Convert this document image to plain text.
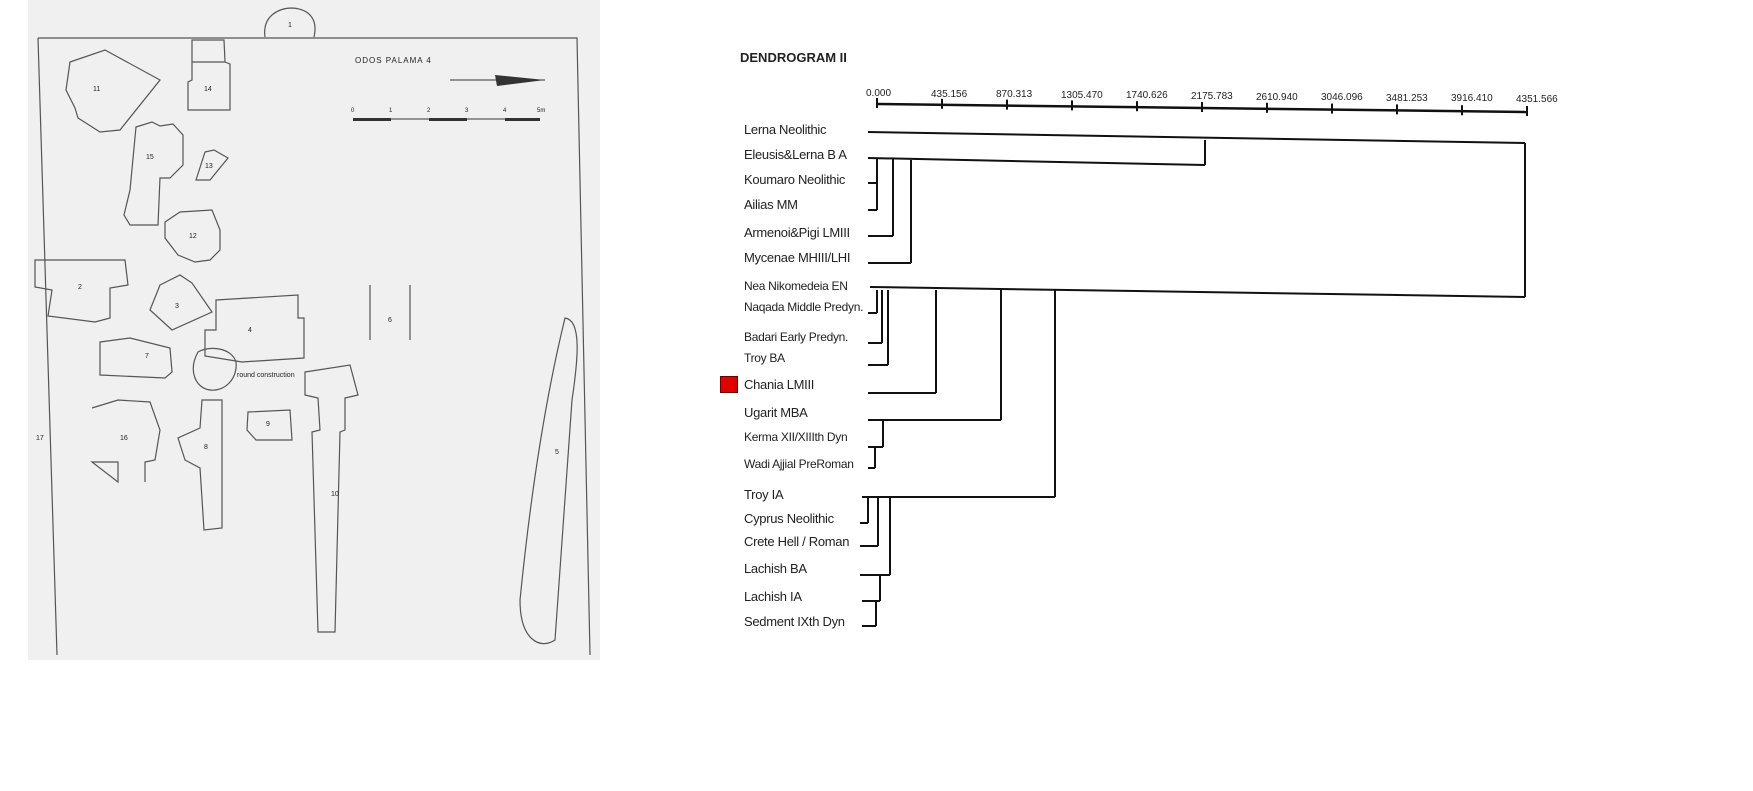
ODOS PALAMA 4
0	1	2	3	4	5m
1
2
3
4
5
6
7
8
9
10
11
12
13
14
15
16
17
round construction
DENDROGRAM II
0.000	435.156	870.313	1305.470 1740.626 2175.783 2610.940 3046.096 3481.253 3916.410 4351.566
Lerna Neolithic
Eleusis&Lerna B A
Koumaro Neolithic
Ailias MM
Armenoi&Pigi LMIII
Mycenae MHIII/LHI
Nea Nikomedeia EN
Naqada Middle Predyn.
Badari Early Predyn.
Troy BA
Chania LMIII
Ugarit MBA
Kerma XII/XIIIth Dyn
Wadi Ajjial PreRoman
Troy IA
Cyprus Neolithic
Crete Hell / Roman
Lachish BA
Lachish IA
Sedment IXth Dyn
